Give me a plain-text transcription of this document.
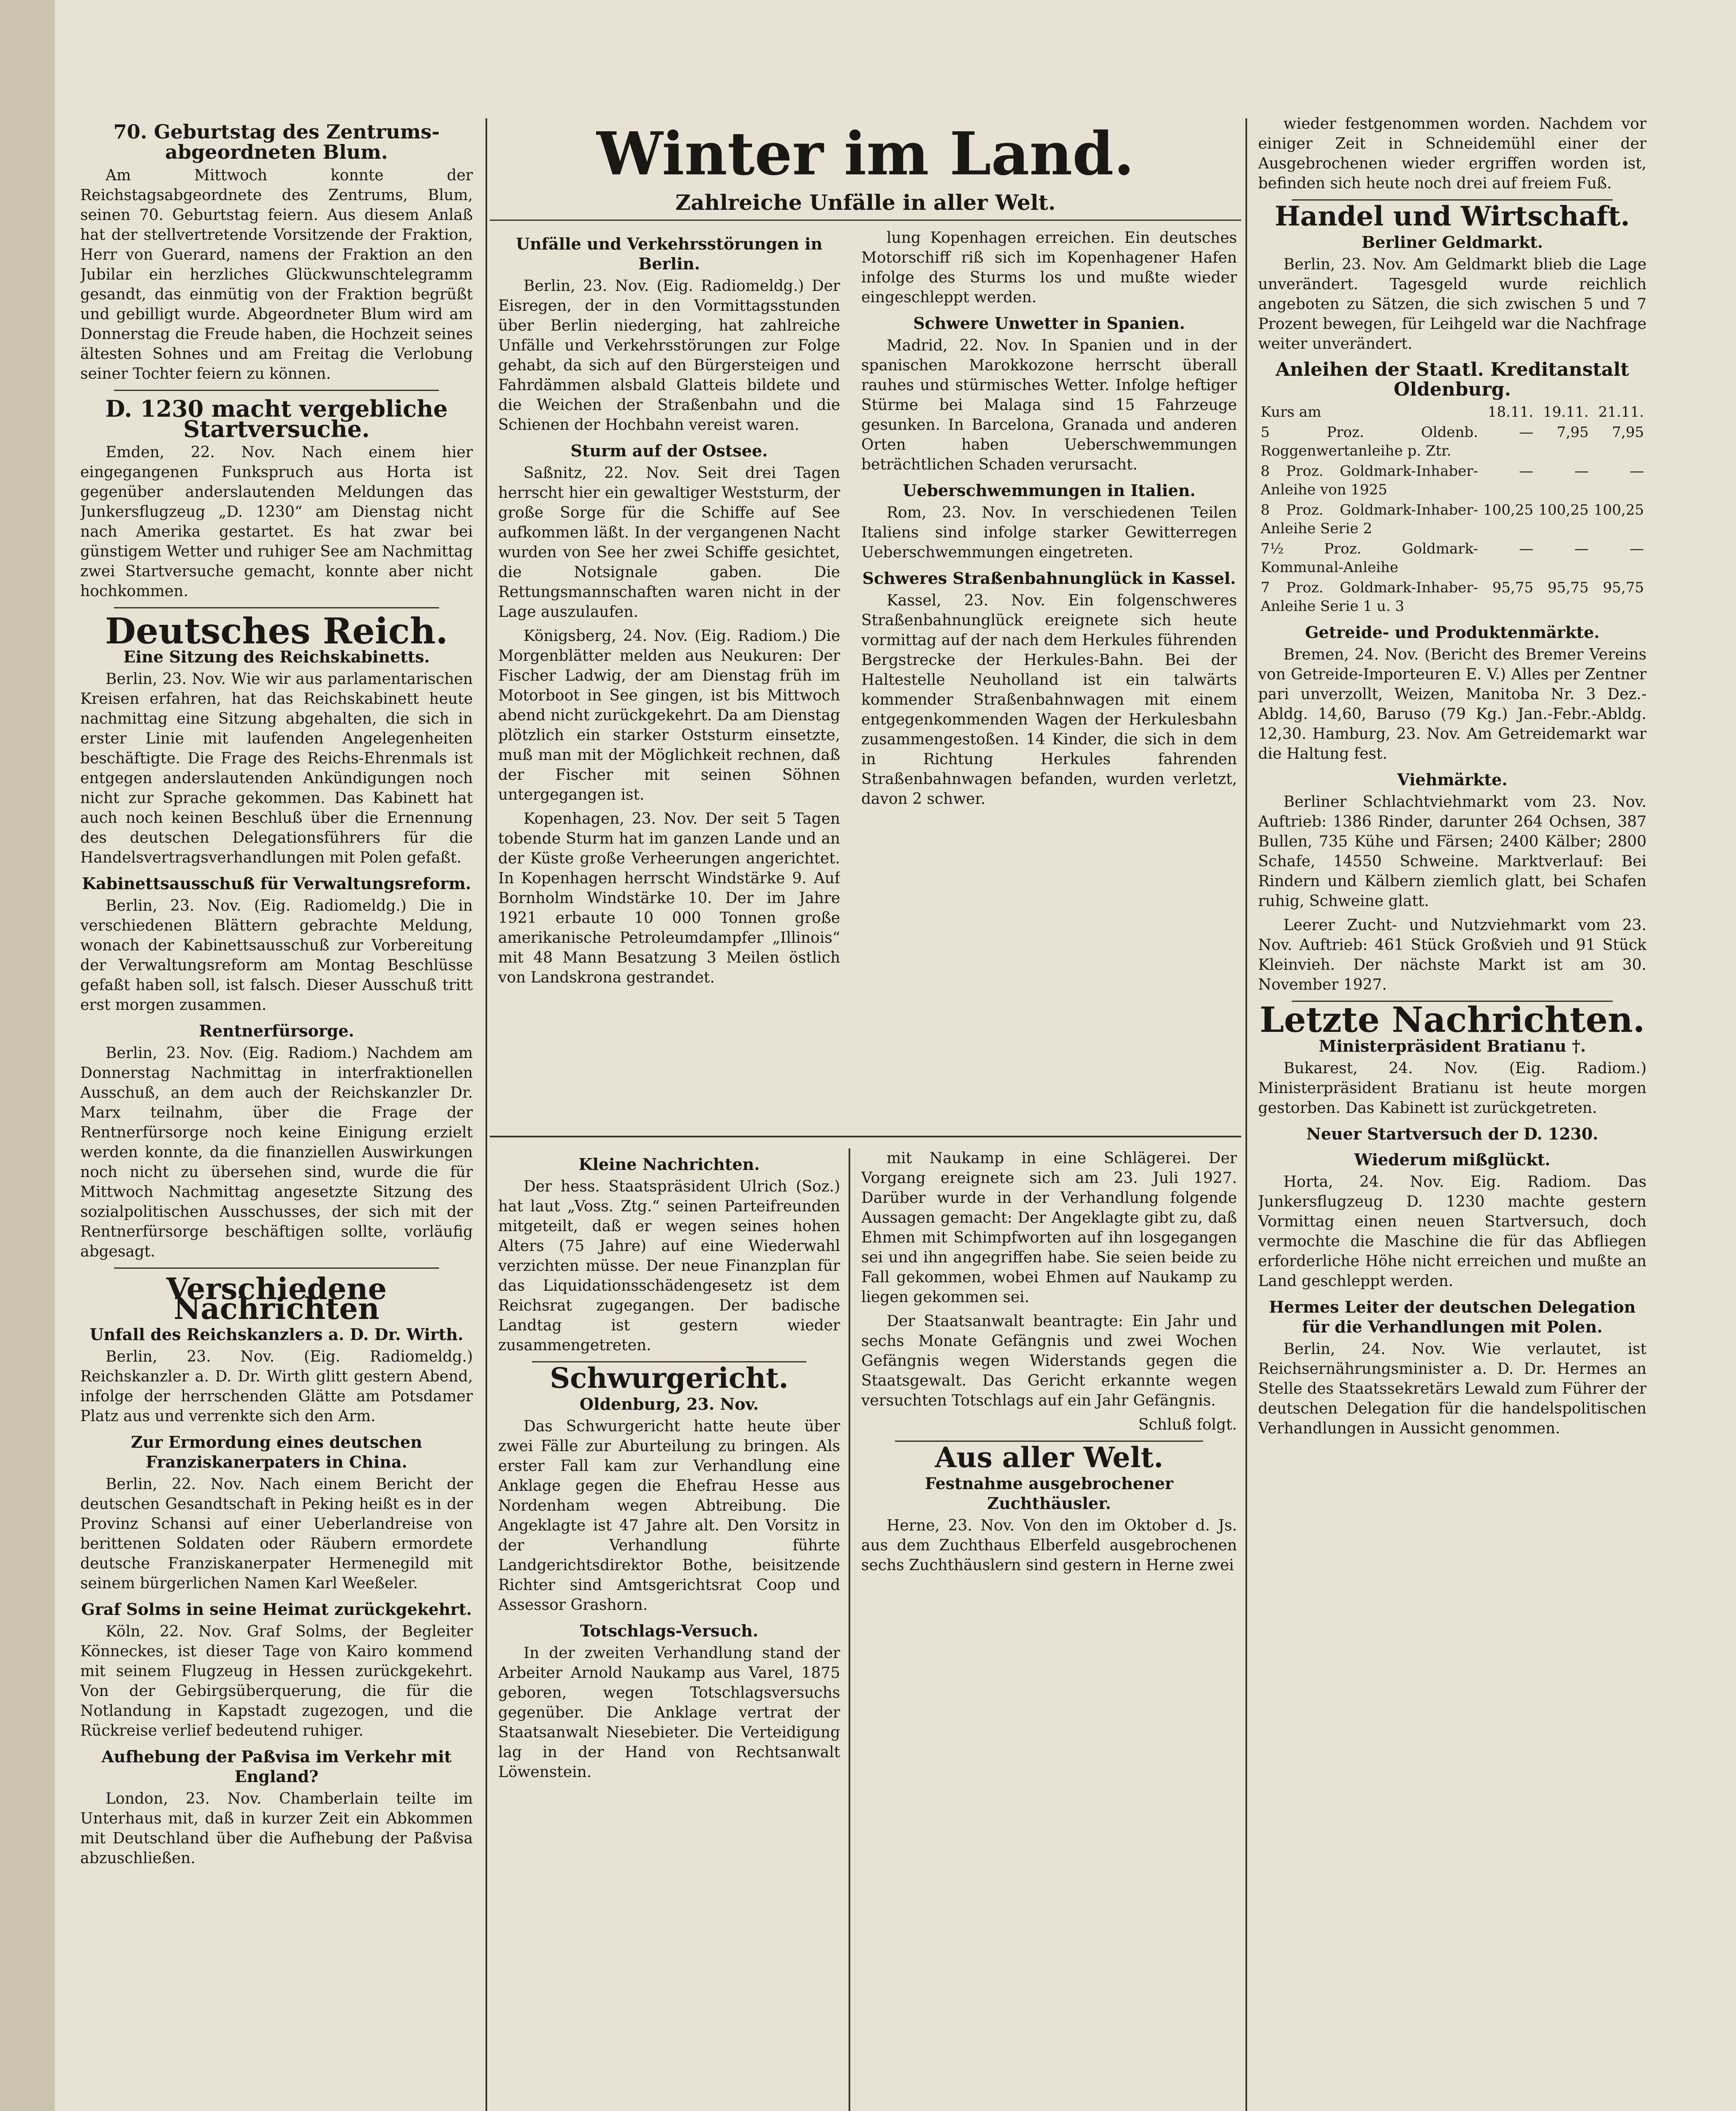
70. Geburtstag des Zentrums-abgeordneten Blum.

Am Mittwoch konnte der Reichstagsabgeordnete des Zentrums, Blum, seinen 70. Geburtstag feiern. Aus diesem Anlaß hat der stellvertretende Vorsitzende der Fraktion, Herr von Guerard, namens der Fraktion an den Jubilar ein herzliches Glückwunschtelegramm gesandt, das einmütig von der Fraktion begrüßt und gebilligt wurde. Abgeordneter Blum wird am Donnerstag die Freude haben, die Hochzeit seines ältesten Sohnes und am Freitag die Verlobung seiner Tochter feiern zu können.

D. 1230 macht vergebliche Startversuche.

Emden, 22. Nov. Nach einem hier eingegangenen Funkspruch aus Horta ist gegenüber anderslautenden Meldungen das Junkersflugzeug „D. 1230“ am Dienstag nicht nach Amerika gestartet. Es hat zwar bei günstigem Wetter und ruhiger See am Nachmittag zwei Startversuche gemacht, konnte aber nicht hochkommen.

Deutsches Reich.
Eine Sitzung des Reichskabinetts.

Berlin, 23. Nov. Wie wir aus parlamentarischen Kreisen erfahren, hat das Reichskabinett heute nachmittag eine Sitzung abgehalten, die sich in erster Linie mit laufenden Angelegenheiten beschäftigte. Die Frage des Reichs-Ehrenmals ist entgegen anderslautenden Ankündigungen noch nicht zur Sprache gekommen. Das Kabinett hat auch noch keinen Beschluß über die Ernennung des deutschen Delegationsführers für die Handelsvertragsverhandlungen mit Polen gefaßt.

Kabinettsausschuß für Verwaltungsreform.

Berlin, 23. Nov. (Eig. Radiomeldg.) Die in verschiedenen Blättern gebrachte Meldung, wonach der Kabinettsausschuß zur Vorbereitung der Verwaltungsreform am Montag Beschlüsse gefaßt haben soll, ist falsch. Dieser Ausschuß tritt erst morgen zusammen.

Rentnerfürsorge.

Berlin, 23. Nov. (Eig. Radiom.) Nachdem am Donnerstag Nachmittag in interfraktionellen Ausschuß, an dem auch der Reichskanzler Dr. Marx teilnahm, über die Frage der Rentnerfürsorge noch keine Einigung erzielt werden konnte, da die finanziellen Auswirkungen noch nicht zu übersehen sind, wurde die für Mittwoch Nachmittag angesetzte Sitzung des sozialpolitischen Ausschusses, der sich mit der Rentnerfürsorge beschäftigen sollte, vorläufig abgesagt.

Verschiedene Nachrichten
Unfall des Reichskanzlers a. D. Dr. Wirth.

Berlin, 23. Nov. (Eig. Radiomeldg.) Reichskanzler a. D. Dr. Wirth glitt gestern Abend, infolge der herrschenden Glätte am Potsdamer Platz aus und verrenkte sich den Arm.

Zur Ermordung eines deutschen Franziskanerpaters in China.

Berlin, 22. Nov. Nach einem Bericht der deutschen Gesandtschaft in Peking heißt es in der Provinz Schansi auf einer Ueberlandreise von berittenen Soldaten oder Räubern ermordete deutsche Franziskanerpater Hermenegild mit seinem bürgerlichen Namen Karl Weeßeler.

Graf Solms in seine Heimat zurückgekehrt.

Köln, 22. Nov. Graf Solms, der Begleiter Könneckes, ist dieser Tage von Kairo kommend mit seinem Flugzeug in Hessen zurückgekehrt. Von der Gebirgsüberquerung, die für die Notlandung in Kapstadt zugezogen, und die Rückreise verlief bedeutend ruhiger.

Aufhebung der Paßvisa im Verkehr mit England?

London, 23. Nov. Chamberlain teilte im Unterhaus mit, daß in kurzer Zeit ein Abkommen mit Deutschland über die Aufhebung der Paßvisa abzuschließen.

Winter im Land.
Zahlreiche Unfälle in aller Welt.
Unfälle und Verkehrsstörungen in Berlin.

Berlin, 23. Nov. (Eig. Radiomeldg.) Der Eisregen, der in den Vormittagsstunden über Berlin niederging, hat zahlreiche Unfälle und Verkehrsstörungen zur Folge gehabt, da sich auf den Bürgersteigen und Fahrdämmen alsbald Glatteis bildete und die Weichen der Straßenbahn und die Schienen der Hochbahn vereist waren.

Sturm auf der Ostsee.

Saßnitz, 22. Nov. Seit drei Tagen herrscht hier ein gewaltiger Weststurm, der große Sorge für die Schiffe auf See aufkommen läßt. In der vergangenen Nacht wurden von See her zwei Schiffe gesichtet, die Notsignale gaben. Die Rettungsmannschaften waren nicht in der Lage auszulaufen.

Königsberg, 24. Nov. (Eig. Radiom.) Die Morgenblätter melden aus Neukuren: Der Fischer Ladwig, der am Dienstag früh im Motorboot in See gingen, ist bis Mittwoch abend nicht zurückgekehrt. Da am Dienstag plötzlich ein starker Oststurm einsetzte, muß man mit der Möglichkeit rechnen, daß der Fischer mit seinen Söhnen untergegangen ist.

Kopenhagen, 23. Nov. Der seit 5 Tagen tobende Sturm hat im ganzen Lande und an der Küste große Verheerungen angerichtet. In Kopenhagen herrscht Windstärke 9. Auf Bornholm Windstärke 10. Der im Jahre 1921 erbaute 10 000 Tonnen große amerikanische Petroleumdampfer „Illinois“ mit 48 Mann Besatzung 3 Meilen östlich von Landskrona gestrandet.

lung Kopenhagen erreichen. Ein deutsches Motorschiff riß sich im Kopenhagener Hafen infolge des Sturms los und mußte wieder eingeschleppt werden.

Schwere Unwetter in Spanien.

Madrid, 22. Nov. In Spanien und in der spanischen Marokkozone herrscht überall rauhes und stürmisches Wetter. Infolge heftiger Stürme bei Malaga sind 15 Fahrzeuge gesunken. In Barcelona, Granada und anderen Orten haben Ueberschwemmungen beträchtlichen Schaden verursacht.

Ueberschwemmungen in Italien.

Rom, 23. Nov. In verschiedenen Teilen Italiens sind infolge starker Gewitterregen Ueberschwemmungen eingetreten.

Schweres Straßenbahnunglück in Kassel.

Kassel, 23. Nov. Ein folgenschweres Straßenbahnunglück ereignete sich heute vormittag auf der nach dem Herkules führenden Bergstrecke der Herkules-Bahn. Bei der Haltestelle Neuholland ist ein talwärts kommender Straßenbahnwagen mit einem entgegenkommenden Wagen der Herkulesbahn zusammengestoßen. 14 Kinder, die sich in dem in Richtung Herkules fahrenden Straßenbahnwagen befanden, wurden verletzt, davon 2 schwer.

Kleine Nachrichten.

Der hess. Staatspräsident Ulrich (Soz.) hat laut „Voss. Ztg.“ seinen Parteifreunden mitgeteilt, daß er wegen seines hohen Alters (75 Jahre) auf eine Wiederwahl verzichten müsse. Der neue Finanzplan für das Liquidationsschädengesetz ist dem Reichsrat zugegangen. Der badische Landtag ist gestern wieder zusammengetreten.

Schwurgericht.
Oldenburg, 23. Nov.

Das Schwurgericht hatte heute über zwei Fälle zur Aburteilung zu bringen. Als erster Fall kam zur Verhandlung eine Anklage gegen die Ehefrau Hesse aus Nordenham wegen Abtreibung. Die Angeklagte ist 47 Jahre alt. Den Vorsitz in der Verhandlung führte Landgerichtsdirektor Bothe, beisitzende Richter sind Amtsgerichtsrat Coop und Assessor Grashorn.

Totschlags-Versuch.

In der zweiten Verhandlung stand der Arbeiter Arnold Naukamp aus Varel, 1875 geboren, wegen Totschlagsversuchs gegenüber. Die Anklage vertrat der Staatsanwalt Niesebieter. Die Verteidigung lag in der Hand von Rechtsanwalt Löwenstein.

mit Naukamp in eine Schlägerei. Der Vorgang ereignete sich am 23. Juli 1927. Darüber wurde in der Verhandlung folgende Aussagen gemacht: Der Angeklagte gibt zu, daß Ehmen mit Schimpfworten auf ihn losgegangen sei und ihn angegriffen habe. Sie seien beide zu Fall gekommen, wobei Ehmen auf Naukamp zu liegen gekommen sei.

Der Staatsanwalt beantragte: Ein Jahr und sechs Monate Gefängnis und zwei Wochen Gefängnis wegen Widerstands gegen die Staatsgewalt. Das Gericht erkannte wegen versuchten Totschlags auf ein Jahr Gefängnis.

Schluß folgt.
Aus aller Welt.
Festnahme ausgebrochener Zuchthäusler.

Herne, 23. Nov. Von den im Oktober d. Js. aus dem Zuchthaus Elberfeld ausgebrochenen sechs Zuchthäuslern sind gestern in Herne zwei

wieder festgenommen worden. Nachdem vor einiger Zeit in Schneidemühl einer der Ausgebrochenen wieder ergriffen worden ist, befinden sich heute noch drei auf freiem Fuß.

Handel und Wirtschaft.
Berliner Geldmarkt.

Berlin, 23. Nov. Am Geldmarkt blieb die Lage unverändert. Tagesgeld wurde reichlich angeboten zu Sätzen, die sich zwischen 5 und 7 Prozent bewegen, für Leihgeld war die Nachfrage weiter unverändert.

Anleihen der Staatl. Kreditanstalt Oldenburg.
Kurs am	18.11.	19.11.	21.11.
5 Proz. Oldenb. Roggenwertanleihe p. Ztr.	—	7,95	7,95
8 Proz. Goldmark-Inhaber-Anleihe von 1925	—	—	—
8 Proz. Goldmark-Inhaber-Anleihe Serie 2	100,25	100,25	100,25
7½ Proz. Goldmark-Kommunal-Anleihe	—	—	—
7 Proz. Goldmark-Inhaber-Anleihe Serie 1 u. 3	95,75	95,75	95,75
Getreide- und Produktenmärkte.

Bremen, 24. Nov. (Bericht des Bremer Vereins von Getreide-Importeuren E. V.) Alles per Zentner pari unverzollt, Weizen, Manitoba Nr. 3 Dez.-Abldg. 14,60, Baruso (79 Kg.) Jan.-Febr.-Abldg. 12,30. Hamburg, 23. Nov. Am Getreidemarkt war die Haltung fest.

Viehmärkte.

Berliner Schlachtviehmarkt vom 23. Nov. Auftrieb: 1386 Rinder, darunter 264 Ochsen, 387 Bullen, 735 Kühe und Färsen; 2400 Kälber; 2800 Schafe, 14550 Schweine. Marktverlauf: Bei Rindern und Kälbern ziemlich glatt, bei Schafen ruhig, Schweine glatt.

Leerer Zucht- und Nutzviehmarkt vom 23. Nov. Auftrieb: 461 Stück Großvieh und 91 Stück Kleinvieh. Der nächste Markt ist am 30. November 1927.

Letzte Nachrichten.
Ministerpräsident Bratianu †.

Bukarest, 24. Nov. (Eig. Radiom.) Ministerpräsident Bratianu ist heute morgen gestorben. Das Kabinett ist zurückgetreten.

Neuer Startversuch der D. 1230.
Wiederum mißglückt.

Horta, 24. Nov. Eig. Radiom. Das Junkersflugzeug D. 1230 machte gestern Vormittag einen neuen Startversuch, doch vermochte die Maschine die für das Abfliegen erforderliche Höhe nicht erreichen und mußte an Land geschleppt werden.

Hermes Leiter der deutschen Delegation für die Verhandlungen mit Polen.

Berlin, 24. Nov. Wie verlautet, ist Reichsernährungsminister a. D. Dr. Hermes an Stelle des Staatssekretärs Lewald zum Führer der deutschen Delegation für die handelspolitischen Verhandlungen in Aussicht genommen.
